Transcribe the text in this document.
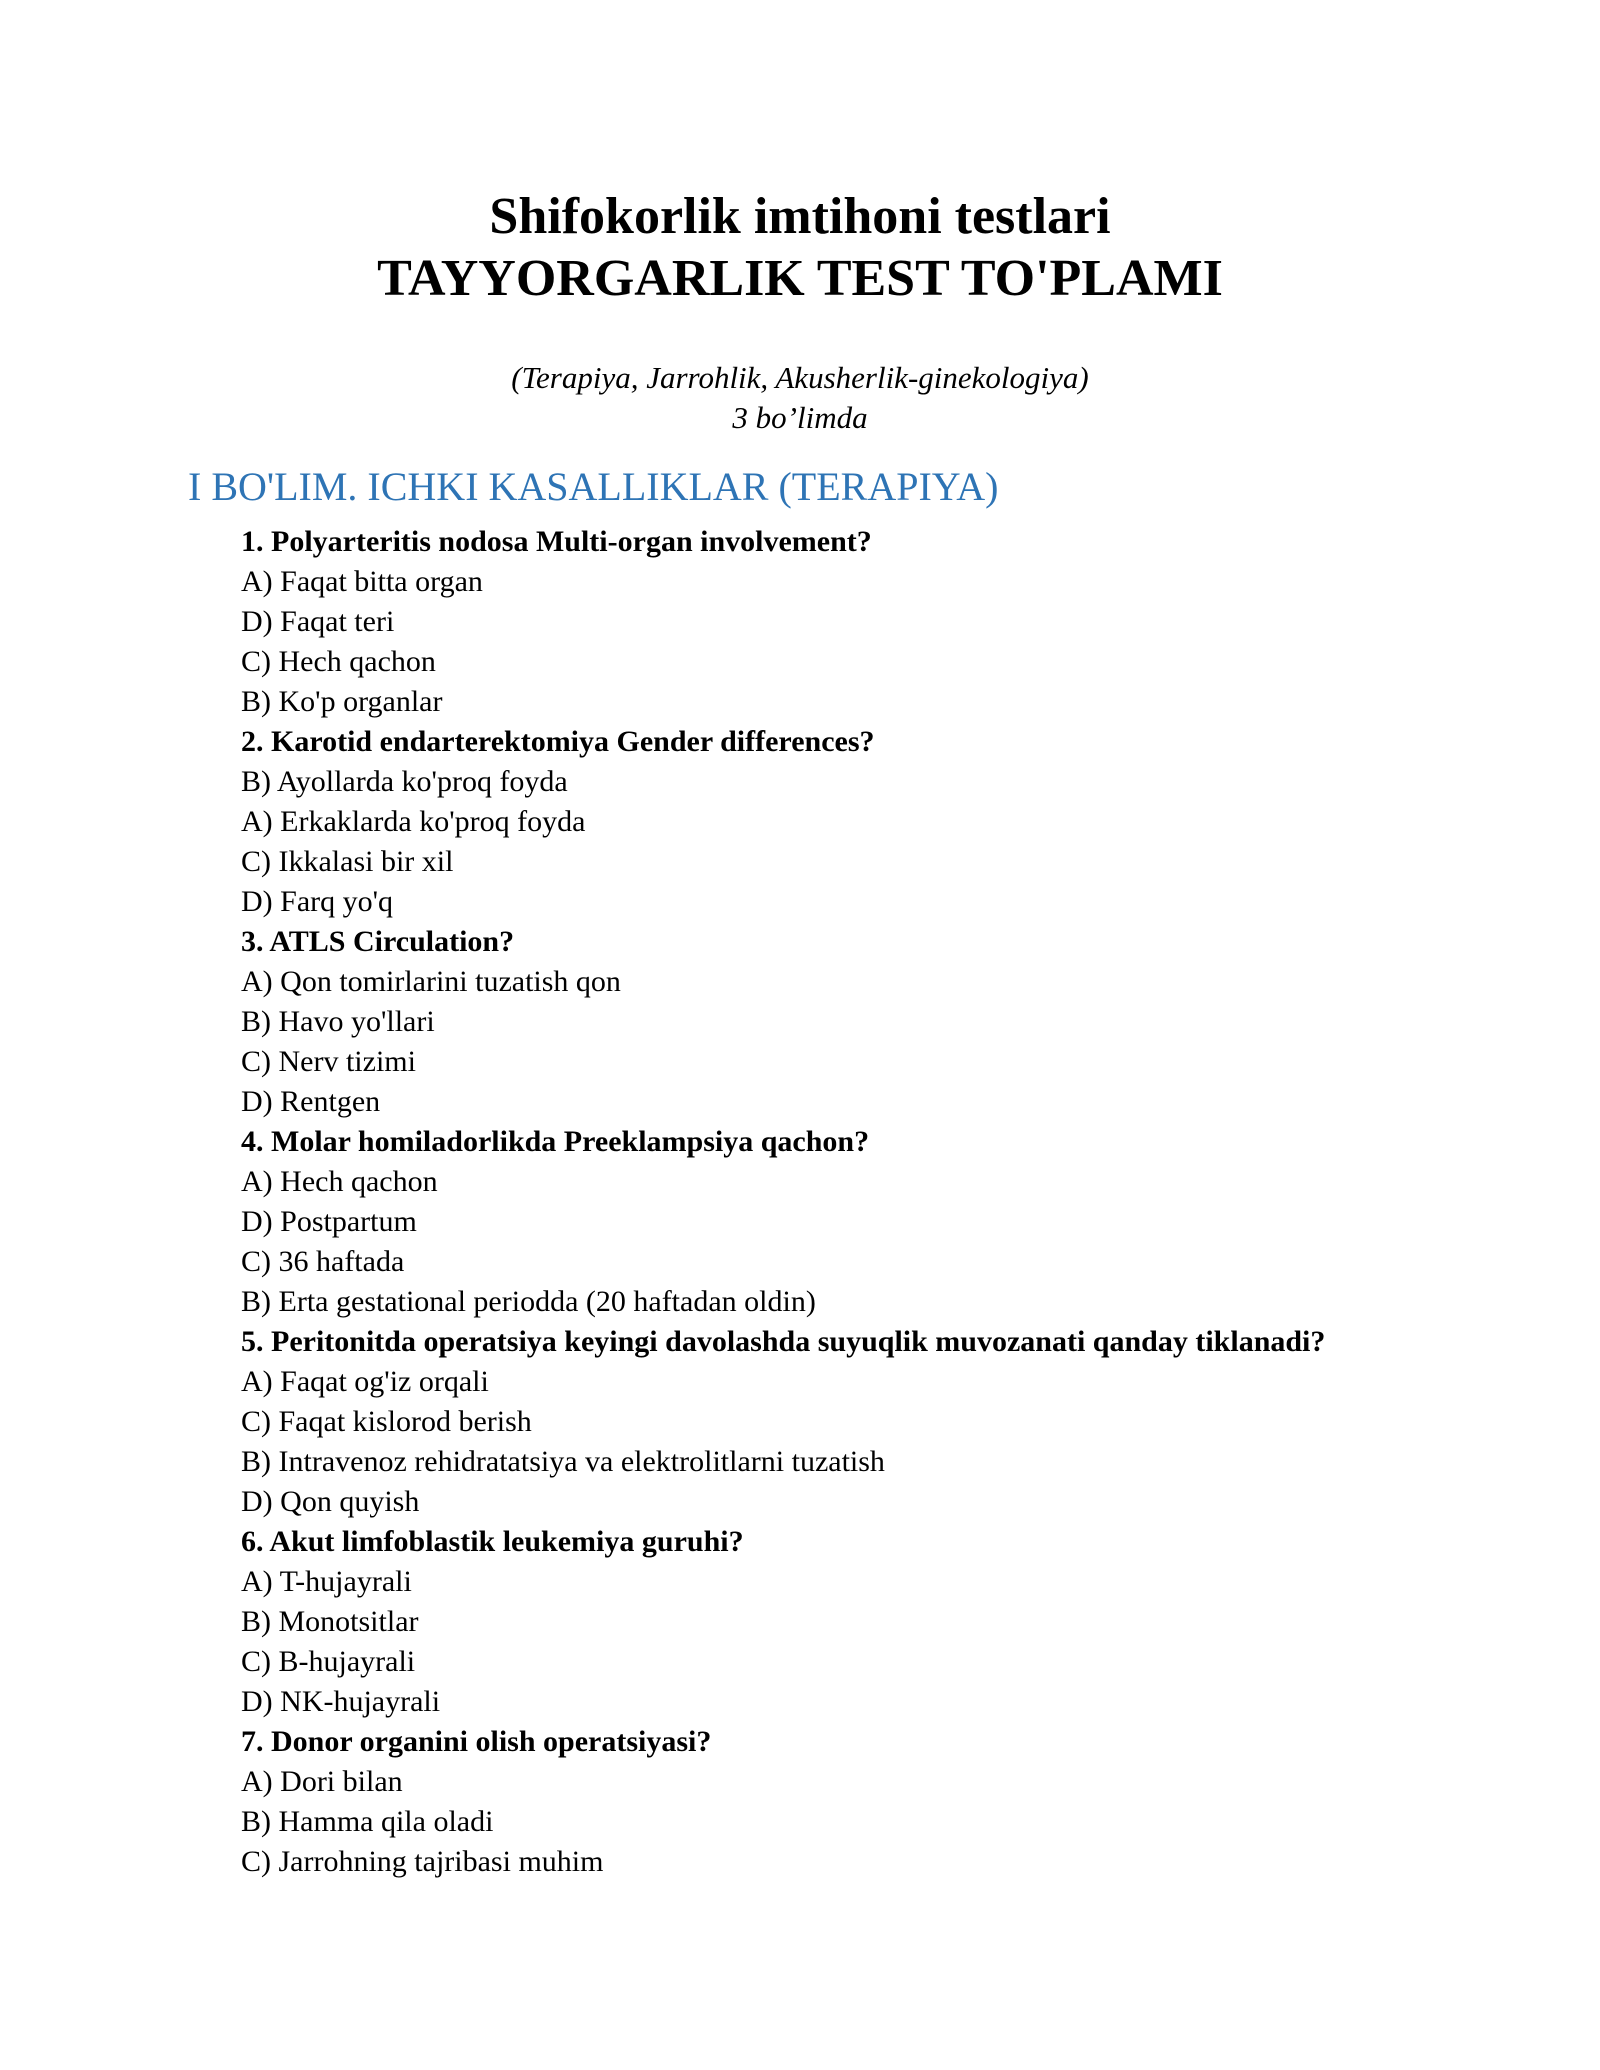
Shifokorlik imtihoni testlari

TAYYORGARLIK TEST TO'PLAMI

(Terapiya, Jarrohlik, Akusherlik-ginekologiya)

3 bo’limda

I BO'LIM. ICHKI KASALLIKLAR (TERAPIYA)

1. Polyarteritis nodosa Multi-organ involvement?

A) Faqat bitta organ

D) Faqat teri

C) Hech qachon

B) Ko'p organlar

2. Karotid endarterektomiya Gender differences?

B) Ayollarda ko'proq foyda

A) Erkaklarda ko'proq foyda

C) Ikkalasi bir xil

D) Farq yo'q

3. ATLS Circulation?

A) Qon tomirlarini tuzatish qon

B) Havo yo'llari

C) Nerv tizimi

D) Rentgen

4. Molar homiladorlikda Preeklampsiya qachon?

A) Hech qachon

D) Postpartum

C) 36 haftada

B) Erta gestational periodda (20 haftadan oldin)

5. Peritonitda operatsiya keyingi davolashda suyuqlik muvozanati qanday tiklanadi?

A) Faqat og'iz orqali

C) Faqat kislorod berish

B) Intravenoz rehidratatsiya va elektrolitlarni tuzatish

D) Qon quyish

6. Akut limfoblastik leukemiya guruhi?

A) T-hujayrali

B) Monotsitlar

C) B-hujayrali

D) NK-hujayrali

7. Donor organini olish operatsiyasi?

A) Dori bilan

B) Hamma qila oladi

C) Jarrohning tajribasi muhim
